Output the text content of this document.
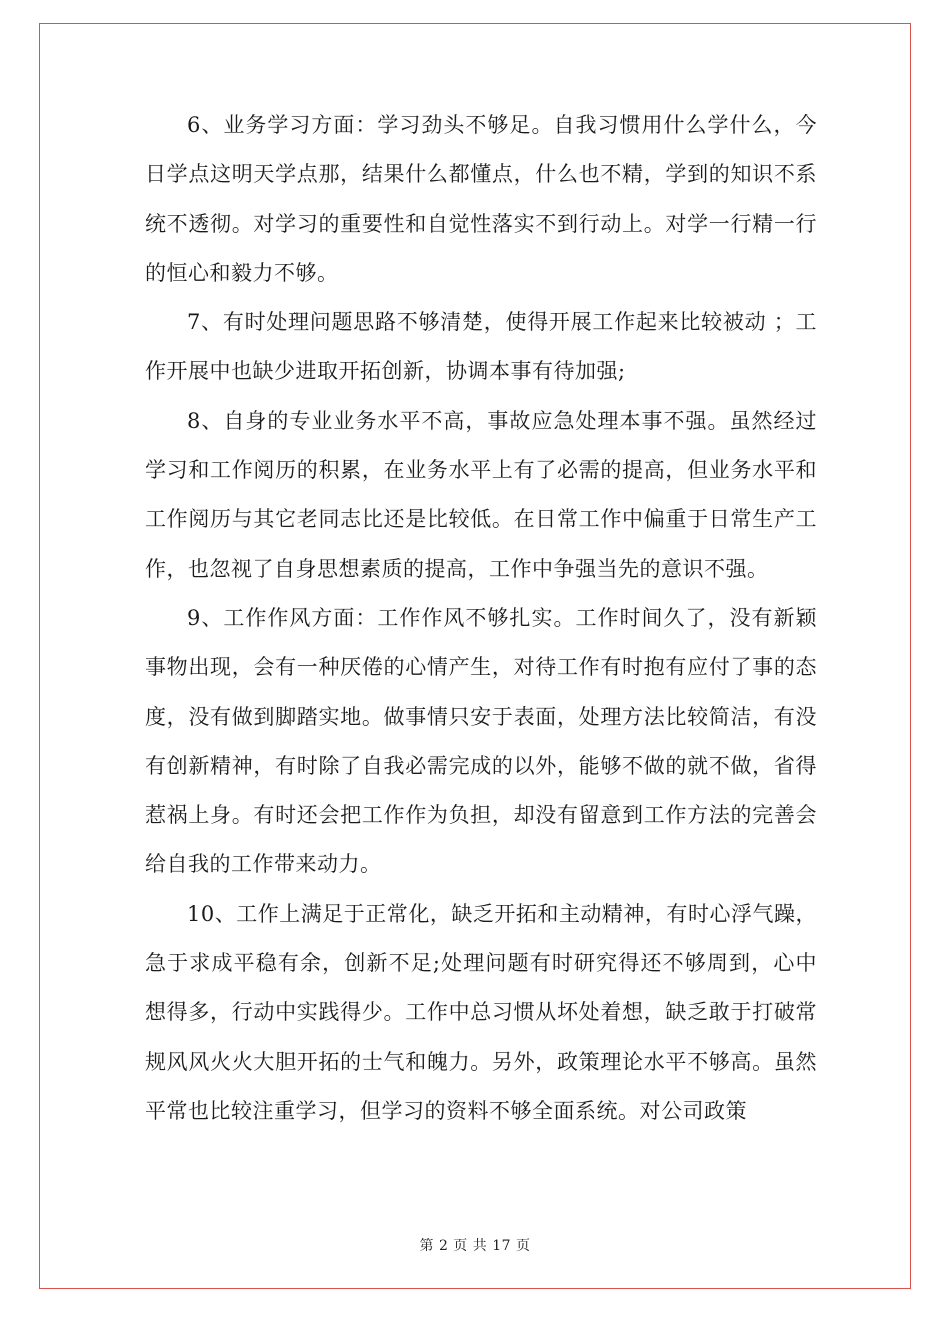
6、业务学习方面：学习劲头不够足。自我习惯用什么学什么，今日学点这明天学点那，结果什么都懂点，什么也不精，学到的知识不系统不透彻。对学习的重要性和自觉性落实不到行动上。对学一行精一行的恒心和毅力不够。

7、有时处理问题思路不够清楚，使得开展工作起来比较被动 ；工作开展中也缺少进取开拓创新，协调本事有待加强;

8、自身的专业业务水平不高，事故应急处理本事不强。虽然经过学习和工作阅历的积累，在业务水平上有了必需的提高，但业务水平和工作阅历与其它老同志比还是比较低。在日常工作中偏重于日常生产工作，也忽视了自身思想素质的提高，工作中争强当先的意识不强。

9、工作作风方面：工作作风不够扎实。工作时间久了，没有新颖事物出现，会有一种厌倦的心情产生，对待工作有时抱有应付了事的态度，没有做到脚踏实地。做事情只安于表面，处理方法比较简洁，有没有创新精神，有时除了自我必需完成的以外，能够不做的就不做，省得惹祸上身。有时还会把工作作为负担，却没有留意到工作方法的完善会给自我的工作带来动力。

10、工作上满足于正常化，缺乏开拓和主动精神，有时心浮气躁，急于求成平稳有余，创新不足;处理问题有时研究得还不够周到，心中想得多，行动中实践得少。工作中总习惯从坏处着想，缺乏敢于打破常规风风火火大胆开拓的士气和魄力。另外，政策理论水平不够高。虽然平常也比较注重学习，但学习的资料不够全面系统。对公司政策

第 2 页 共 17 页
